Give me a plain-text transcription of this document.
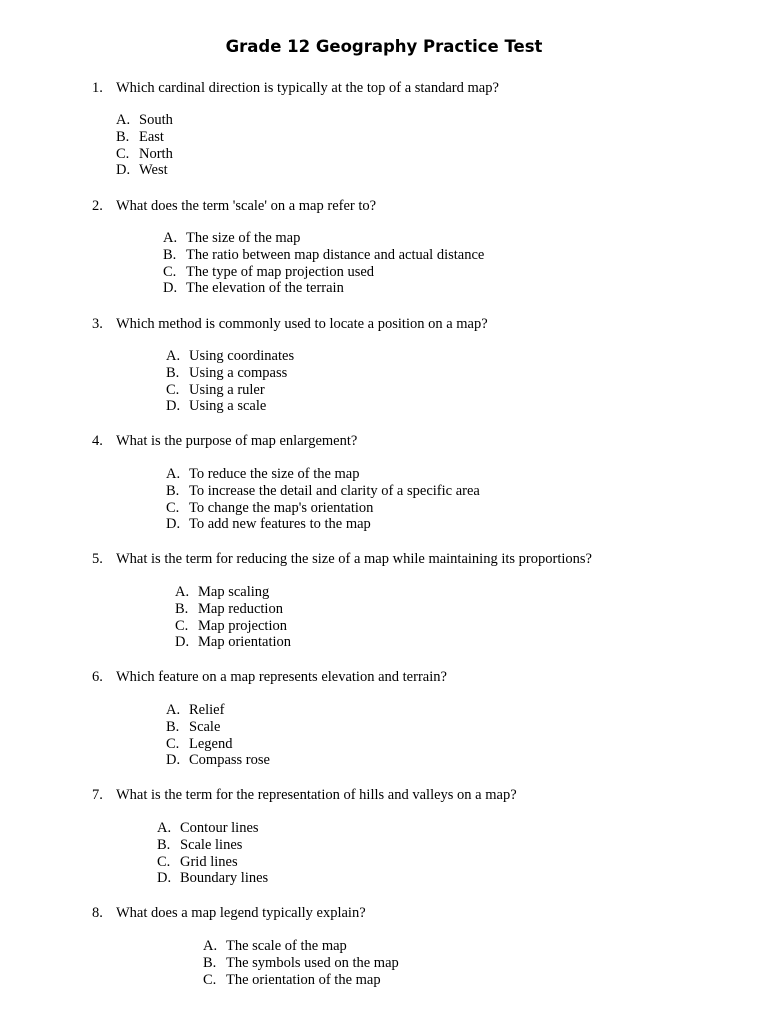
Grade 12 Geography Practice Test
1. Which cardinal direction is typically at the top of a standard map?
A. South
B. East
C. North
D. West
2. What does the term 'scale' on a map refer to?
A. The size of the map
B. The ratio between map distance and actual distance
C. The type of map projection used
D. The elevation of the terrain
3. Which method is commonly used to locate a position on a map?
A. Using coordinates
B. Using a compass
C. Using a ruler
D. Using a scale
4. What is the purpose of map enlargement?
A. To reduce the size of the map
B. To increase the detail and clarity of a specific area
C. To change the map's orientation
D. To add new features to the map
5. What is the term for reducing the size of a map while maintaining its proportions?
A. Map scaling
B. Map reduction
C. Map projection
D. Map orientation
6. Which feature on a map represents elevation and terrain?
A. Relief
B. Scale
C. Legend
D. Compass rose
7. What is the term for the representation of hills and valleys on a map?
A. Contour lines
B. Scale lines
C. Grid lines
D. Boundary lines
8. What does a map legend typically explain?
A. The scale of the map
B. The symbols used on the map
C. The orientation of the map
